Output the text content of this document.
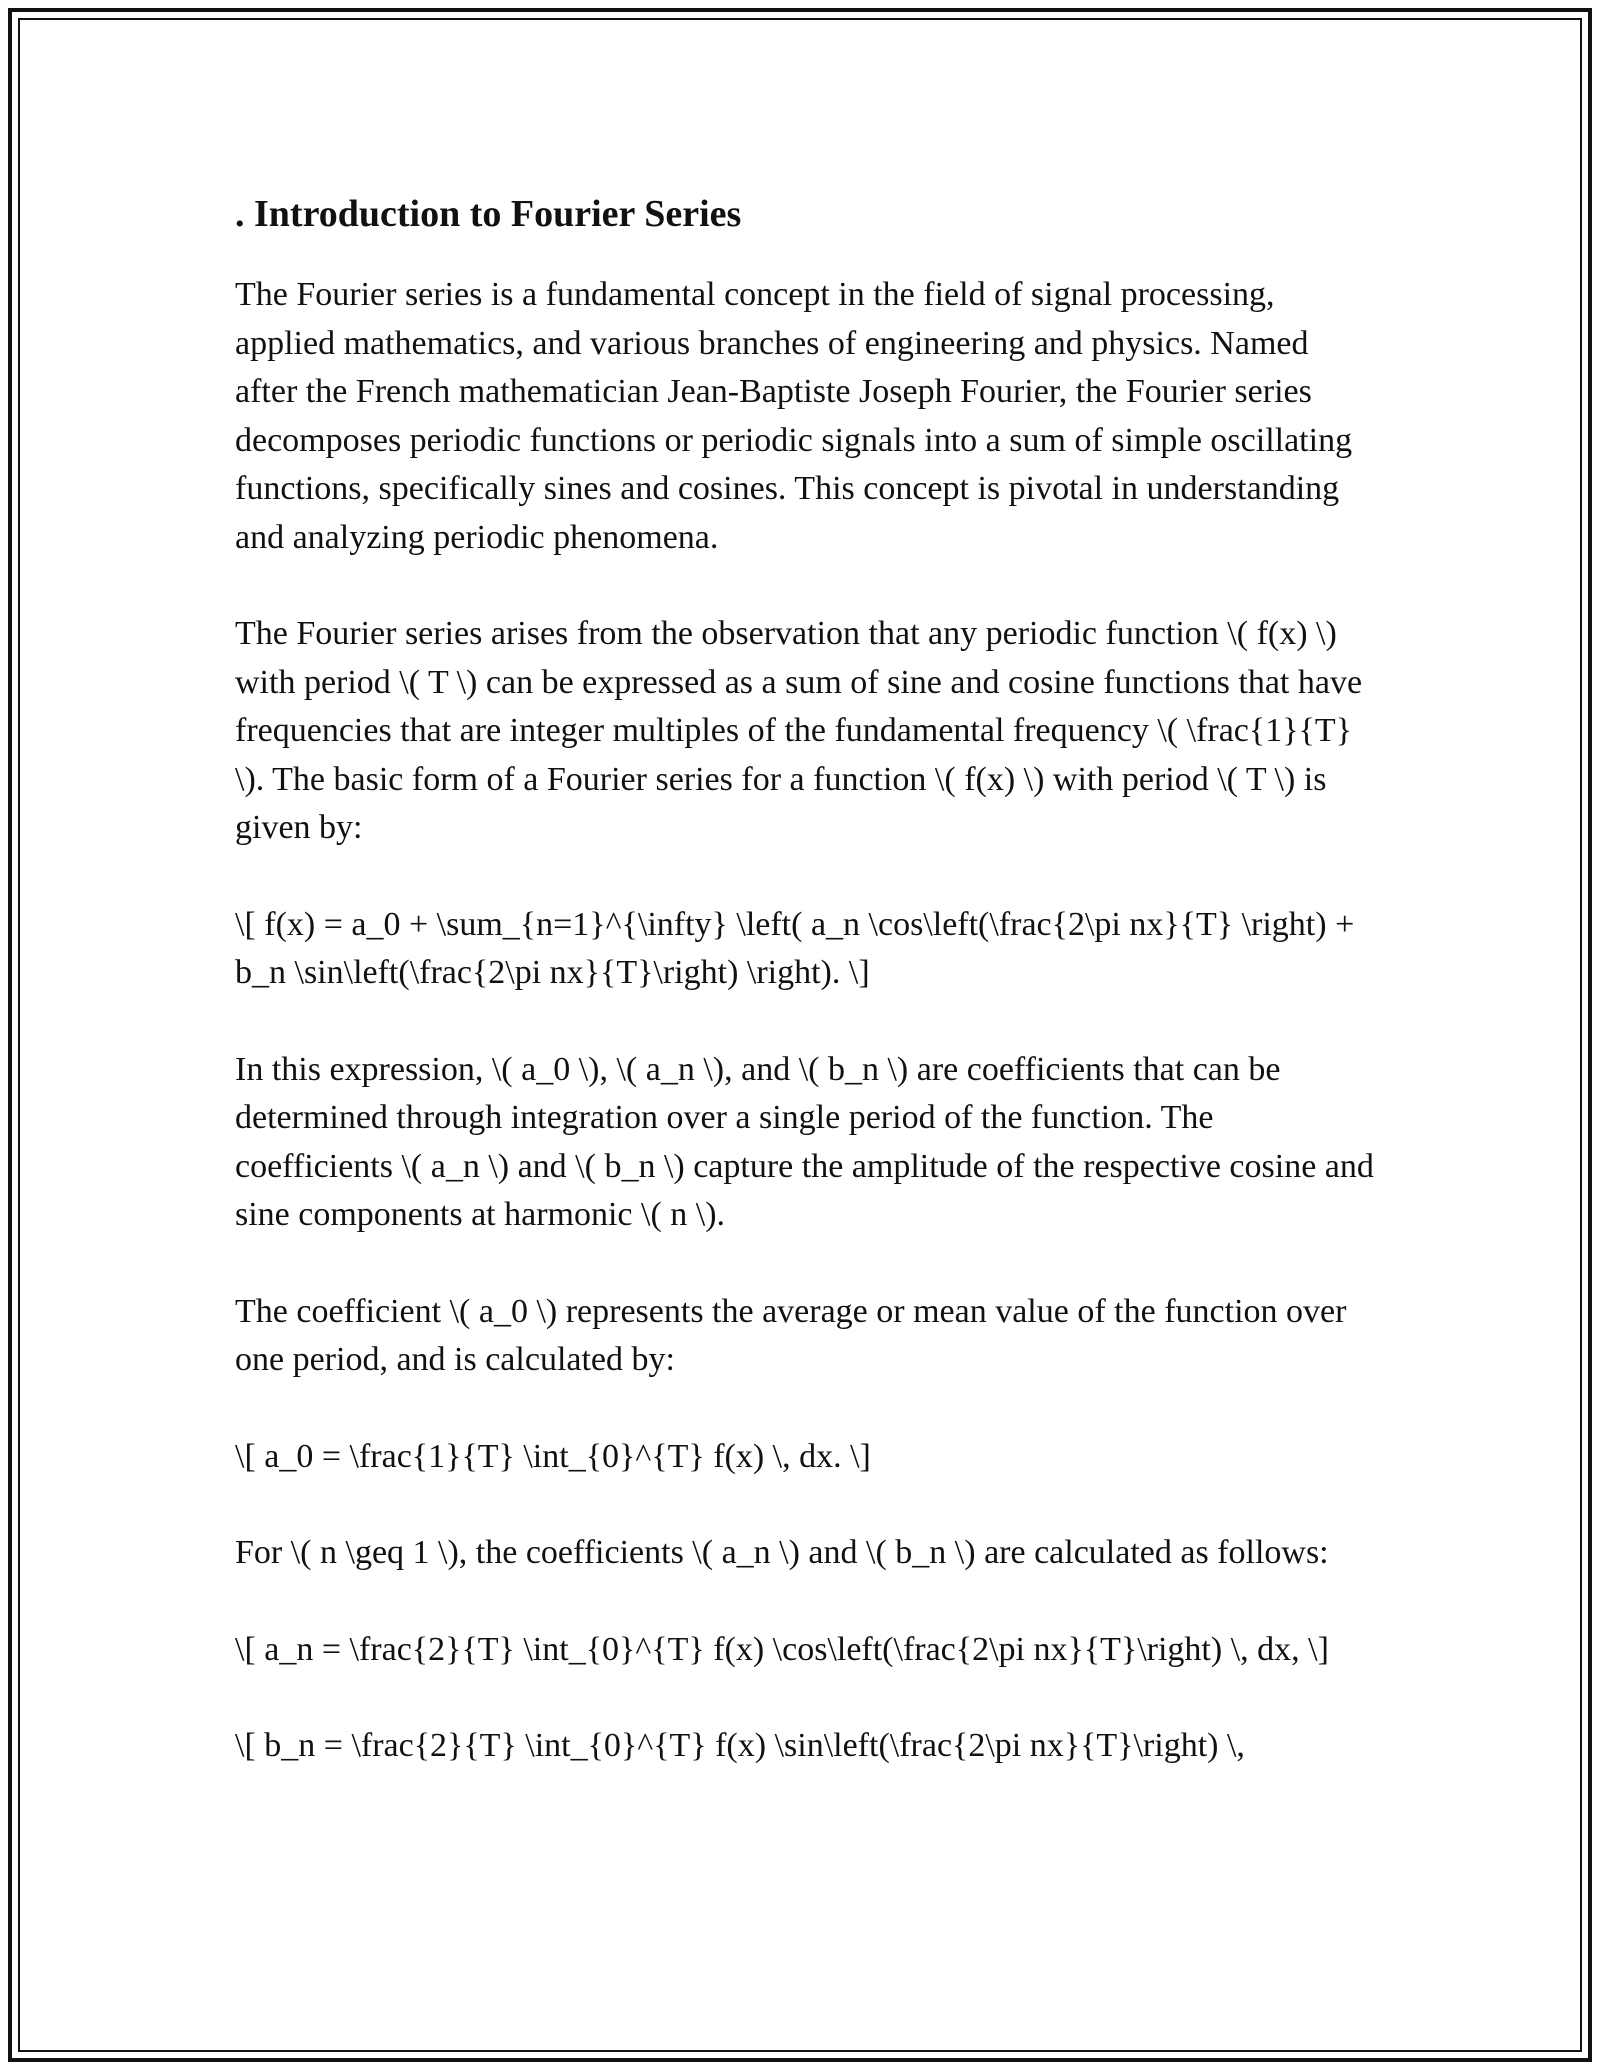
. Introduction to Fourier Series

The Fourier series is a fundamental concept in the field of signal processing, applied mathematics, and various branches of engineering and physics. Named after the French mathematician Jean-Baptiste Joseph Fourier, the Fourier series decomposes periodic functions or periodic signals into a sum of simple oscillating functions, specifically sines and cosines. This concept is pivotal in understanding and analyzing periodic phenomena.

The Fourier series arises from the observation that any periodic function \( f(x) \) with period \( T \) can be expressed as a sum of sine and cosine functions that have frequencies that are integer multiples of the fundamental frequency \( \frac{1}{T} \). The basic form of a Fourier series for a function \( f(x) \) with period \( T \) is given by:

\[ f(x) = a_0 + \sum_{n=1}^{\infty} \left( a_n \cos\left(\frac{2\pi nx}{T} \right) + b_n \sin\left(\frac{2\pi nx}{T}\right) \right). \]

In this expression, \( a_0 \), \( a_n \), and \( b_n \) are coefficients that can be determined through integration over a single period of the function. The coefficients \( a_n \) and \( b_n \) capture the amplitude of the respective cosine and sine components at harmonic \( n \).

The coefficient \( a_0 \) represents the average or mean value of the function over one period, and is calculated by:

\[ a_0 = \frac{1}{T} \int_{0}^{T} f(x) \, dx. \]

For \( n \geq 1 \), the coefficients \( a_n \) and \( b_n \) are calculated as follows:

\[ a_n = \frac{2}{T} \int_{0}^{T} f(x) \cos\left(\frac{2\pi nx}{T}\right) \, dx, \]

\[ b_n = \frac{2}{T} \int_{0}^{T} f(x) \sin\left(\frac{2\pi nx}{T}\right) \,
